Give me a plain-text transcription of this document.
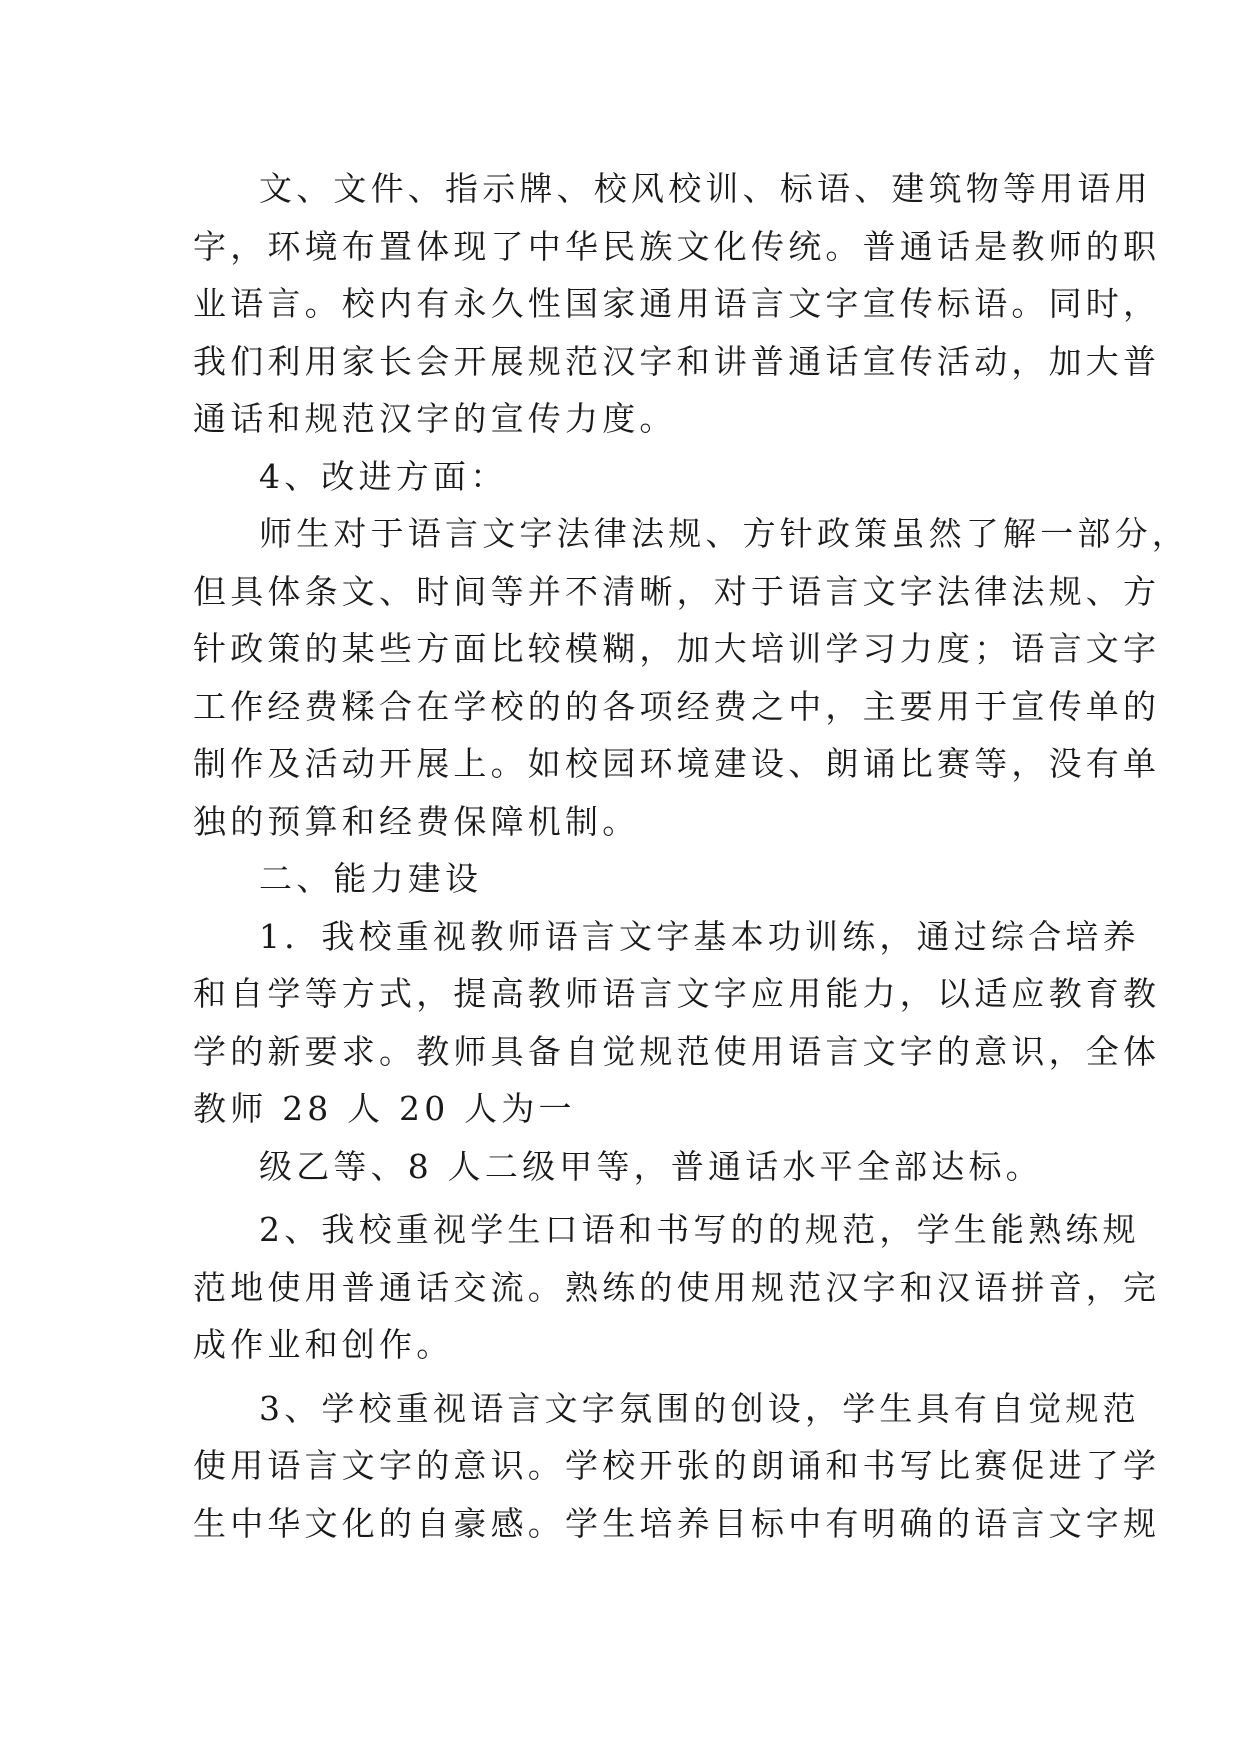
文、文件、指示牌、校风校训、标语、建筑物等用语用
字，环境布置体现了中华民族文化传统。普通话是教师的职
业语言。校内有永久性国家通用语言文字宣传标语。同时，
我们利用家长会开展规范汉字和讲普通话宣传活动，加大普
通话和规范汉字的宣传力度。
4、改进方面：
师生对于语言文字法律法规、方针政策虽然了解一部分，
但具体条文、时间等并不清晰，对于语言文字法律法规、方
针政策的某些方面比较模糊，加大培训学习力度；语言文字
工作经费糅合在学校的的各项经费之中，主要用于宣传单的
制作及活动开展上。如校园环境建设、朗诵比赛等，没有单
独的预算和经费保障机制。
二、能力建设
1．我校重视教师语言文字基本功训练，通过综合培养
和自学等方式，提高教师语言文字应用能力，以适应教育教
学的新要求。教师具备自觉规范使用语言文字的意识，全体
教师 28 人 20 人为一
级乙等、8 人二级甲等，普通话水平全部达标。
2、我校重视学生口语和书写的的规范，学生能熟练规
范地使用普通话交流。熟练的使用规范汉字和汉语拼音，完
成作业和创作。
3、学校重视语言文字氛围的创设，学生具有自觉规范
使用语言文字的意识。学校开张的朗诵和书写比赛促进了学
生中华文化的自豪感。学生培养目标中有明确的语言文字规
